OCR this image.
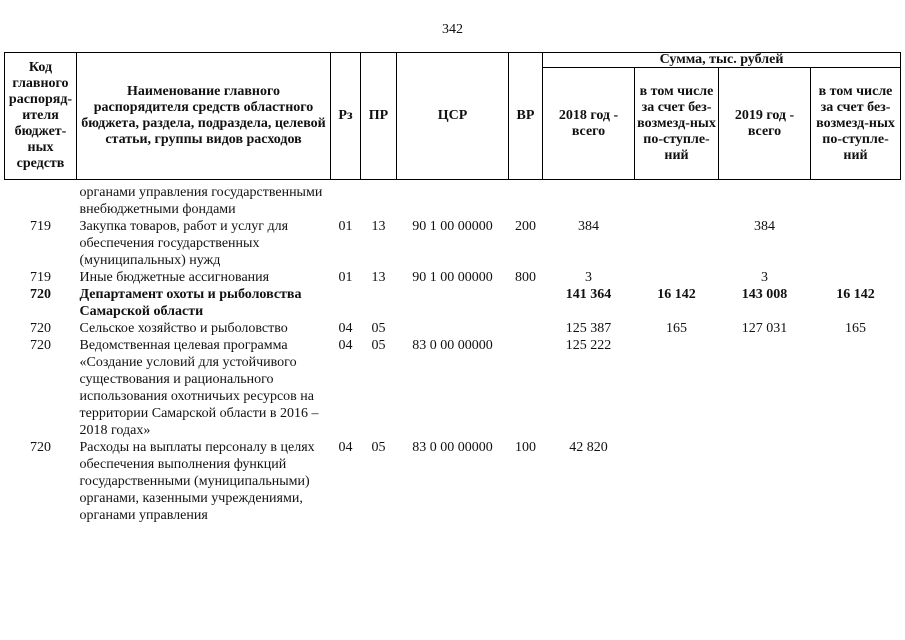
342
Код главного распоряд-ителя бюджет-ных средств	Наименование главного распорядителя средств областного бюджета, раздела, подраздела, целевой статьи, группы видов расходов	Рз	ПР	ЦСР	ВР	Сумма, тыс. рублей			
						2018 год - всего	в том числе за счет без-возмезд-ных по-ступле-ний	2019 год - всего	в том числе за счет без-возмезд-ных по-ступле-ний
	органами управления государственными внебюджетными фондами								
719	Закупка товаров, работ и услуг для обеспечения государственных (муниципальных) нужд	01	13	90 1 00 00000	200	384		384	
719	Иные бюджетные ассигнования	01	13	90 1 00 00000	800	3		3	
720	Департамент охоты и рыболовства Самарской области					141 364	16 142	143 008	16 142
720	Сельское хозяйство и рыболовство	04	05			125 387	165	127 031	165
720	Ведомственная целевая программа «Создание условий для устойчивого существования и рационального использования охотничьих ресурсов на территории Самарской области в 2016 – 2018 годах»	04	05	83 0 00 00000		125 222			
720	Расходы на выплаты персоналу в целях обеспечения выполнения функций государственными (муниципальными) органами, казенными учреждениями, органами управления	04	05	83 0 00 00000	100	42 820			
